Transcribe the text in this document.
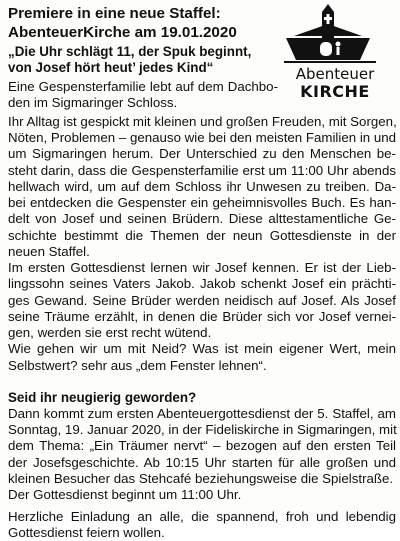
Premiere in eine neue Staffel:
AbenteuerKirche am 19.01.2020
„Die Uhr schlägt 11, der Spuk beginnt,
von Josef hört heut’ jedes Kind“	Abenteuer
KIRCHE
Eine Gespensterfamilie lebt auf dem Dachbo-
den im Sigmaringer Schloss.
Ihr Alltag ist gespickt mit kleinen und großen Freuden, mit Sorgen,
Nöten, Problemen – genauso wie bei den meisten Familien in und
um Sigmaringen herum. Der Unterschied zu den Menschen be-
steht darin, dass die Gespensterfamilie erst um 11:00 Uhr abends
hellwach wird, um auf dem Schloss ihr Unwesen zu treiben. Da-
bei entdecken die Gespenster ein geheimnisvolles Buch. Es han-
delt von Josef und seinen Brüdern. Diese alttestamentliche Ge-
schichte bestimmt die Themen der neun Gottesdienste in der
neuen Staffel.
Im ersten Gottesdienst lernen wir Josef kennen. Er ist der Lieb-
lingssohn seines Vaters Jakob. Jakob schenkt Josef ein prächti-
ges Gewand. Seine Brüder werden neidisch auf Josef. Als Josef
seine Träume erzählt, in denen die Brüder sich vor Josef vernei-
gen, werden sie erst recht wütend.
Wie gehen wir um mit Neid? Was ist mein eigener Wert, mein
Selbstwert? sehr aus „dem Fenster lehnen“.
Seid ihr neugierig geworden?
Dann kommt zum ersten Abenteuergottesdienst der 5. Staffel, am
Sonntag, 19. Januar 2020, in der Fideliskirche in Sigmaringen, mit
dem Thema: „Ein Träumer nervt“ – bezogen auf den ersten Teil
der Josefsgeschichte. Ab 10:15 Uhr starten für alle großen und
kleinen Besucher das Stehcafé beziehungsweise die Spielstraße.
Der Gottesdienst beginnt um 11:00 Uhr.
Herzliche Einladung an alle, die spannend, froh und lebendig
Gottesdienst feiern wollen.
